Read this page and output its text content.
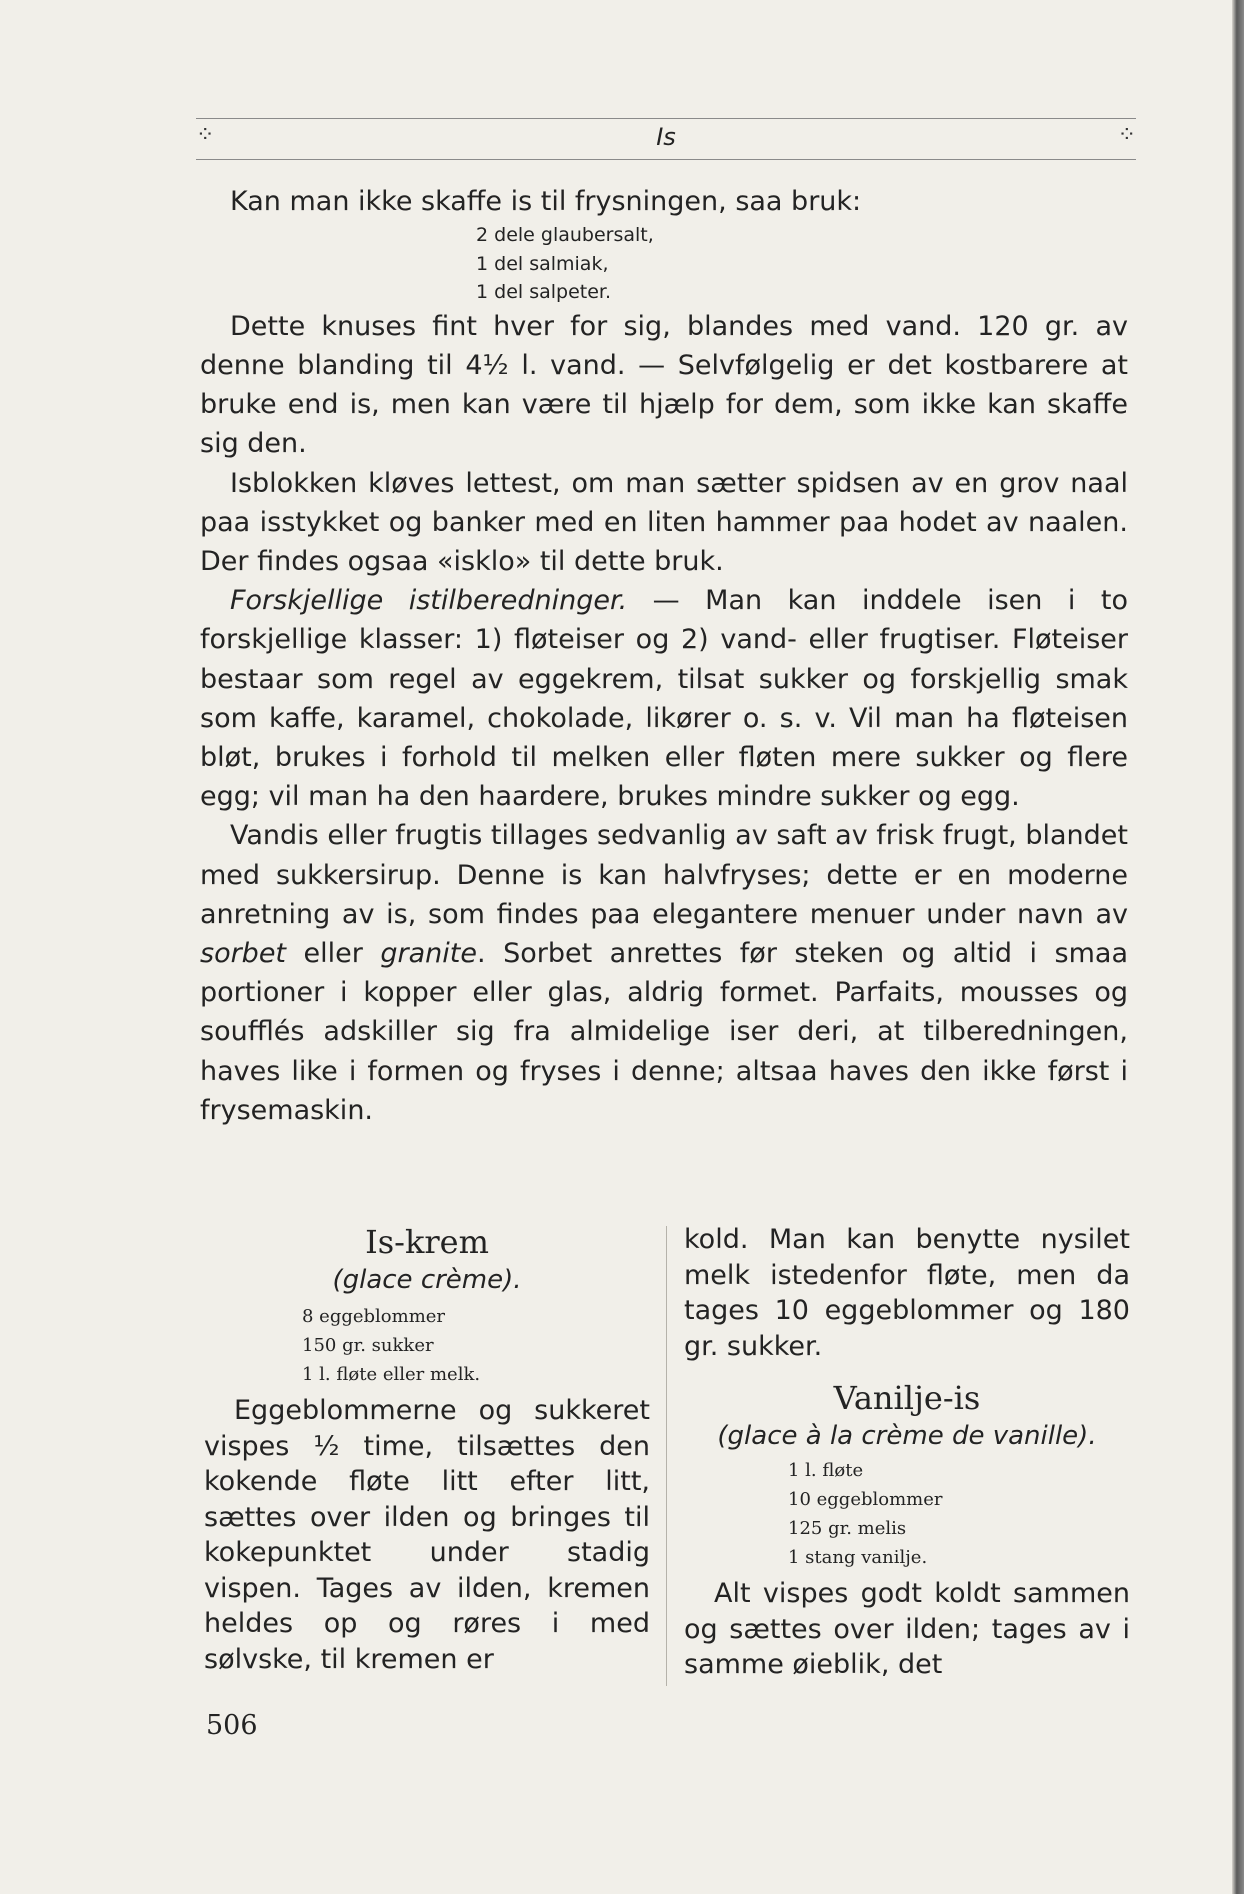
⁘	Is	⁘

Kan man ikke skaffe is til frysningen, saa bruk:

2 dele glaubersalt,
1 del salmiak,
1 del salpeter.

Dette knuses fint hver for sig, blandes med vand. 120 gr. av denne blanding til 4½ l. vand. — Selvfølgelig er det kostbarere at bruke end is, men kan være til hjælp for dem, som ikke kan skaffe sig den.

Isblokken kløves lettest, om man sætter spidsen av en grov naal paa isstykket og banker med en liten hammer paa hodet av naalen. Der findes ogsaa «isklo» til dette bruk.

Forskjellige istilberedninger. — Man kan inddele isen i to forskjellige klasser: 1) fløteiser og 2) vand- eller frugtiser. Fløteiser bestaar som regel av eggekrem, tilsat sukker og forskjellig smak som kaffe, karamel, chokolade, likører o. s. v. Vil man ha fløteisen bløt, brukes i forhold til melken eller fløten mere sukker og flere egg; vil man ha den haardere, brukes mindre sukker og egg.

Vandis eller frugtis tillages sedvanlig av saft av frisk frugt, blandet med sukkersirup. Denne is kan halvfryses; dette er en moderne anretning av is, som findes paa elegantere menuer under navn av sorbet eller granite. Sorbet anrettes før steken og altid i smaa portioner i kopper eller glas, aldrig formet. Parfaits, mousses og soufflés adskiller sig fra almidelige iser deri, at tilberedningen, haves like i formen og fryses i denne; altsaa haves den ikke først i frysemaskin.

Is-krem
(glace crème).
8 eggeblommer
150 gr. sukker
1 l. fløte eller melk.

Eggeblommerne og sukkeret vispes ½ time, tilsættes den kokende fløte litt efter litt, sættes over ilden og bringes til kokepunktet under stadig vispen. Tages av ilden, kremen heldes op og røres i med sølvske, til kremen er

kold. Man kan benytte nysilet melk istedenfor fløte, men da tages 10 eggeblommer og 180 gr. sukker.

Vanilje-is
(glace à la crème de vanille).
1 l. fløte
10 eggeblommer
125 gr. melis
1 stang vanilje.

Alt vispes godt koldt sammen og sættes over ilden; tages av i samme øieblik, det

506
